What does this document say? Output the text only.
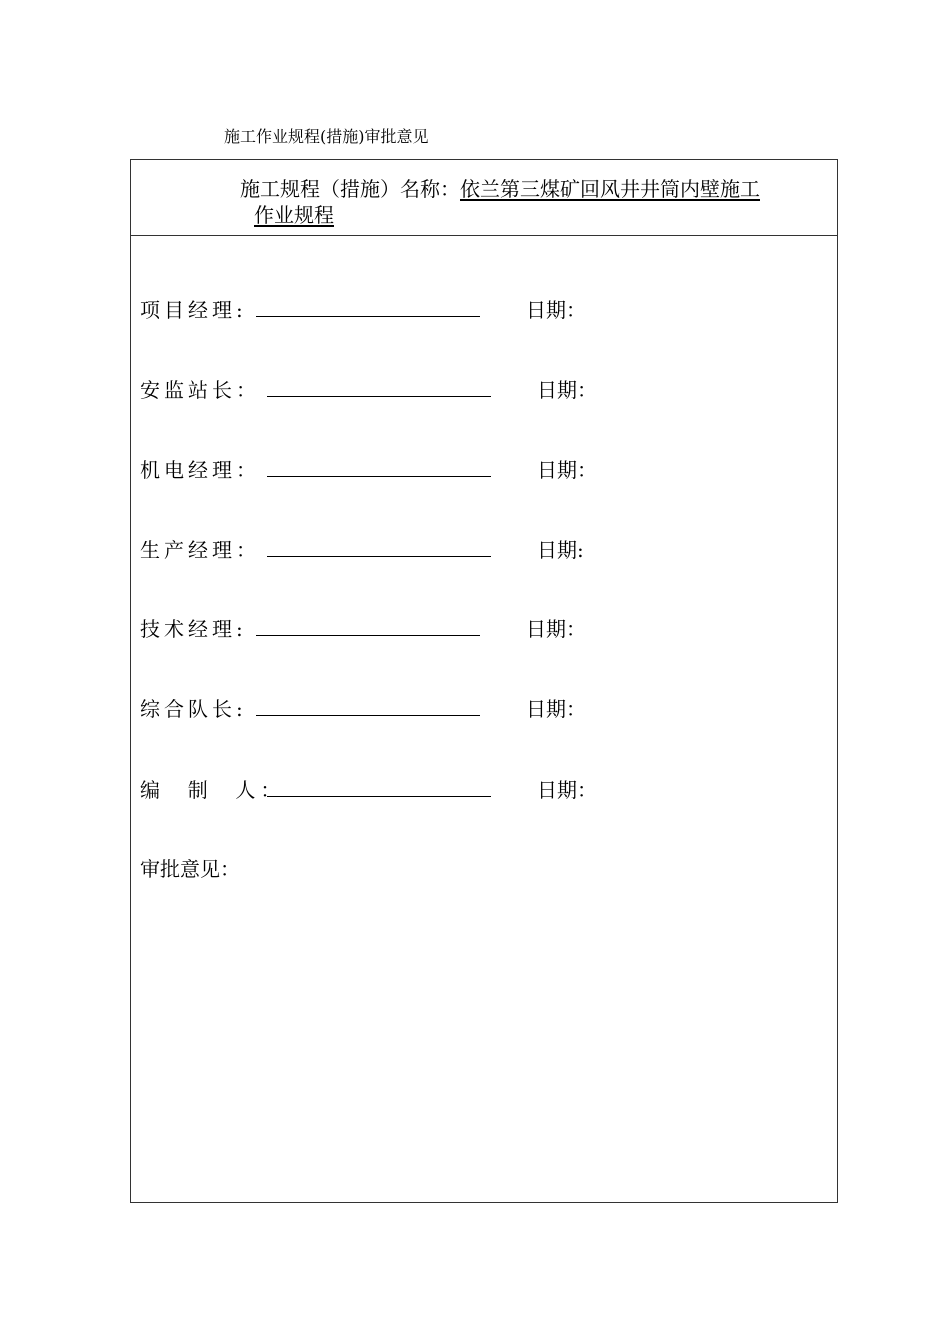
施工作业规程(措施)审批意见
施工规程（措施）名称：依兰第三煤矿回风井井筒内壁施工
作业规程
项目经理:	日期：
安监站长：	日期：
机电经理：	日期：
生产经理：	日期:
技术经理:	日期：
综合队长:	日期：
编  制  人：	日期：
审批意见：
